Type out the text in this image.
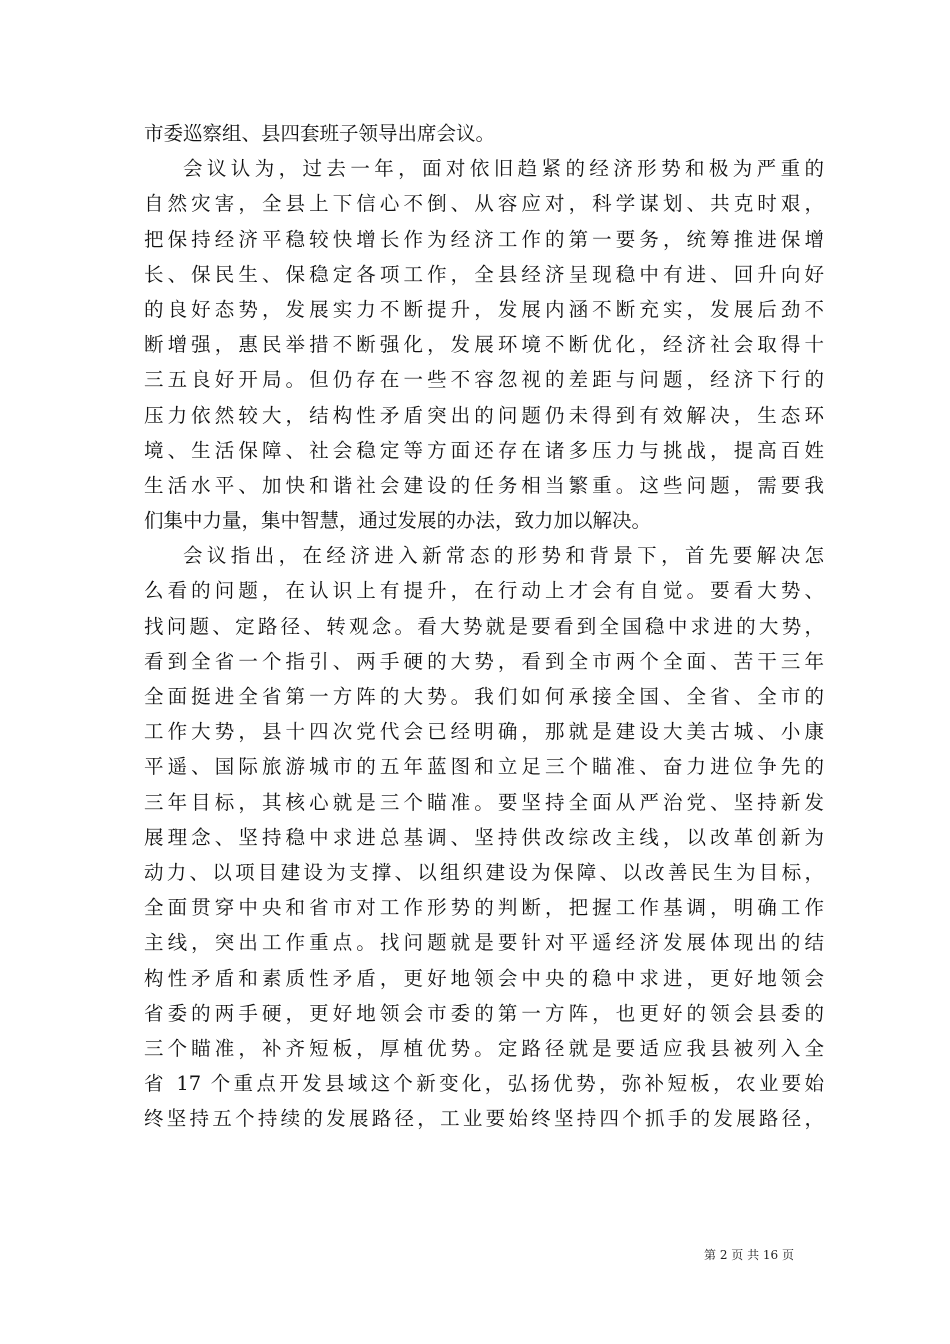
市委巡察组、县四套班子领导出席会议。
会议认为，过去一年，面对依旧趋紧的经济形势和极为严重的
自然灾害，全县上下信心不倒、从容应对，科学谋划、共克时艰，
把保持经济平稳较快增长作为经济工作的第一要务，统筹推进保增
长、保民生、保稳定各项工作，全县经济呈现稳中有进、回升向好
的良好态势，发展实力不断提升，发展内涵不断充实，发展后劲不
断增强，惠民举措不断强化，发展环境不断优化，经济社会取得十
三五良好开局。但仍存在一些不容忽视的差距与问题，经济下行的
压力依然较大，结构性矛盾突出的问题仍未得到有效解决，生态环
境、生活保障、社会稳定等方面还存在诸多压力与挑战，提高百姓
生活水平、加快和谐社会建设的任务相当繁重。这些问题，需要我
们集中力量，集中智慧，通过发展的办法，致力加以解决。
会议指出，在经济进入新常态的形势和背景下，首先要解决怎
么看的问题，在认识上有提升，在行动上才会有自觉。要看大势、
找问题、定路径、转观念。看大势就是要看到全国稳中求进的大势，
看到全省一个指引、两手硬的大势，看到全市两个全面、苦干三年
全面挺进全省第一方阵的大势。我们如何承接全国、全省、全市的
工作大势，县十四次党代会已经明确，那就是建设大美古城、小康
平遥、国际旅游城市的五年蓝图和立足三个瞄准、奋力进位争先的
三年目标，其核心就是三个瞄准。要坚持全面从严治党、坚持新发
展理念、坚持稳中求进总基调、坚持供改综改主线，以改革创新为
动力、以项目建设为支撑、以组织建设为保障、以改善民生为目标，
全面贯穿中央和省市对工作形势的判断，把握工作基调，明确工作
主线，突出工作重点。找问题就是要针对平遥经济发展体现出的结
构性矛盾和素质性矛盾，更好地领会中央的稳中求进，更好地领会
省委的两手硬，更好地领会市委的第一方阵，也更好的领会县委的
三个瞄准，补齐短板，厚植优势。定路径就是要适应我县被列入全
省 17 个重点开发县域这个新变化，弘扬优势，弥补短板，农业要始
终坚持五个持续的发展路径，工业要始终坚持四个抓手的发展路径，
第 2 页 共 16 页
